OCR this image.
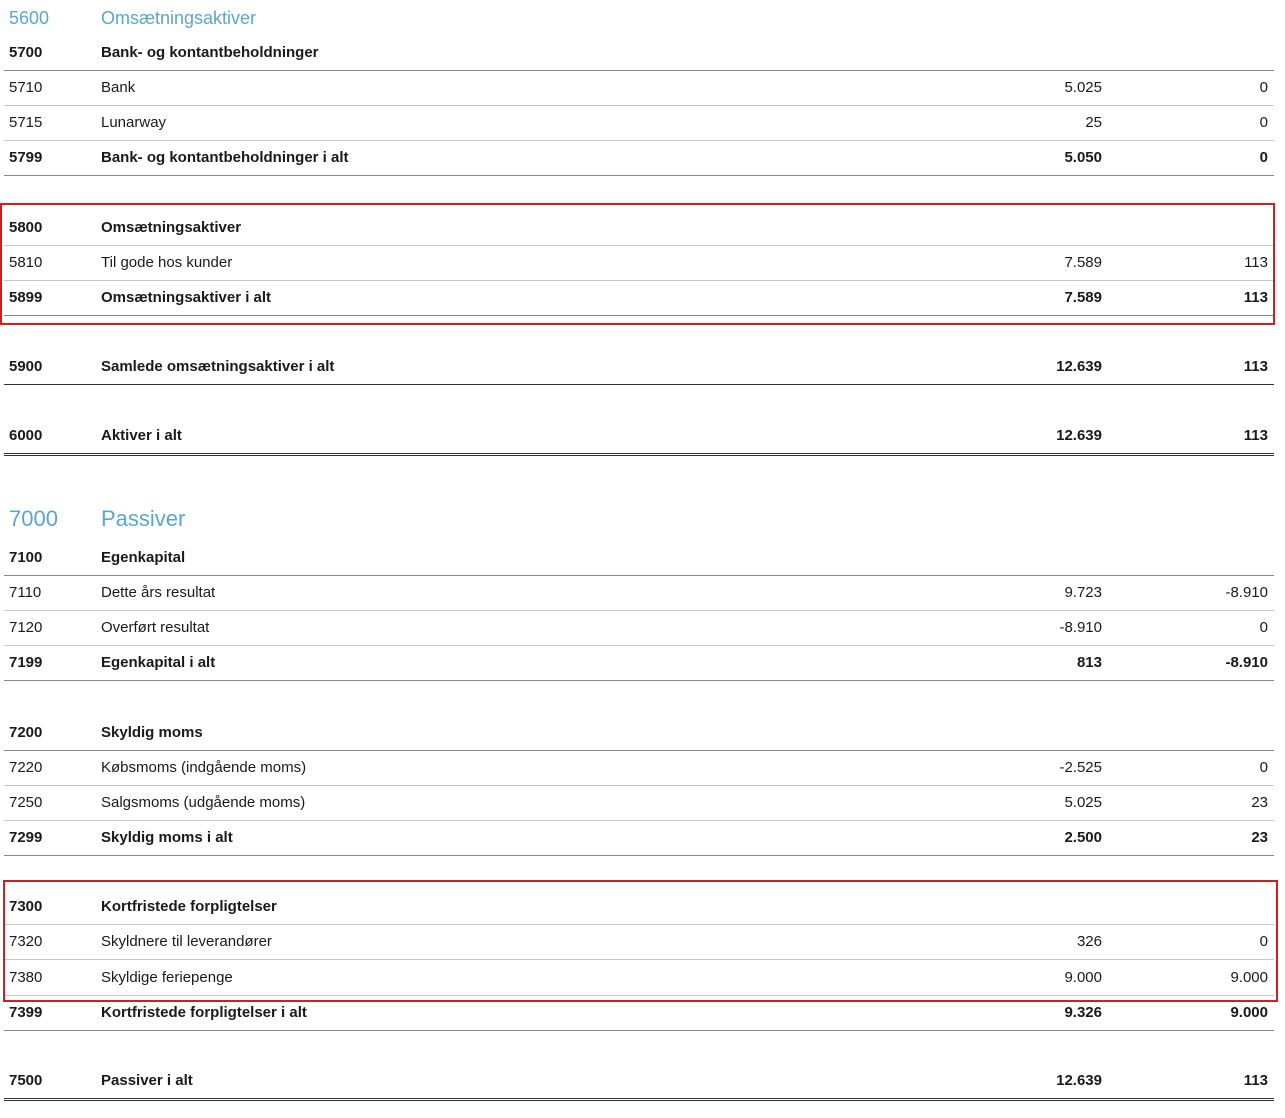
5600	Omsætningsaktiver
5700	Bank- og kontantbeholdninger
5710	Bank	5.025	0
5715	Lunarway	25	0
5799	Bank- og kontantbeholdninger i alt	5.050	0
5800	Omsætningsaktiver
5810	Til gode hos kunder	7.589	113
5899	Omsætningsaktiver i alt	7.589	113
5900	Samlede omsætningsaktiver i alt	12.639	113
6000	Aktiver i alt	12.639	113
7000 Passiver
7100	Egenkapital
7110	Dette års resultat	9.723	-8.910
7120	Overført resultat	-8.910	0
7199	Egenkapital i alt	813	-8.910
7200	Skyldig moms
7220	Købsmoms (indgående moms)	-2.525	0
7250	Salgsmoms (udgående moms)	5.025	23
7299	Skyldig moms i alt	2.500	23
7300	Kortfristede forpligtelser
7320	Skyldnere til leverandører	326	0
7380	Skyldige feriepenge	9.000	9.000
7399	Kortfristede forpligtelser i alt	9.326	9.000
7500	Passiver i alt	12.639	113
